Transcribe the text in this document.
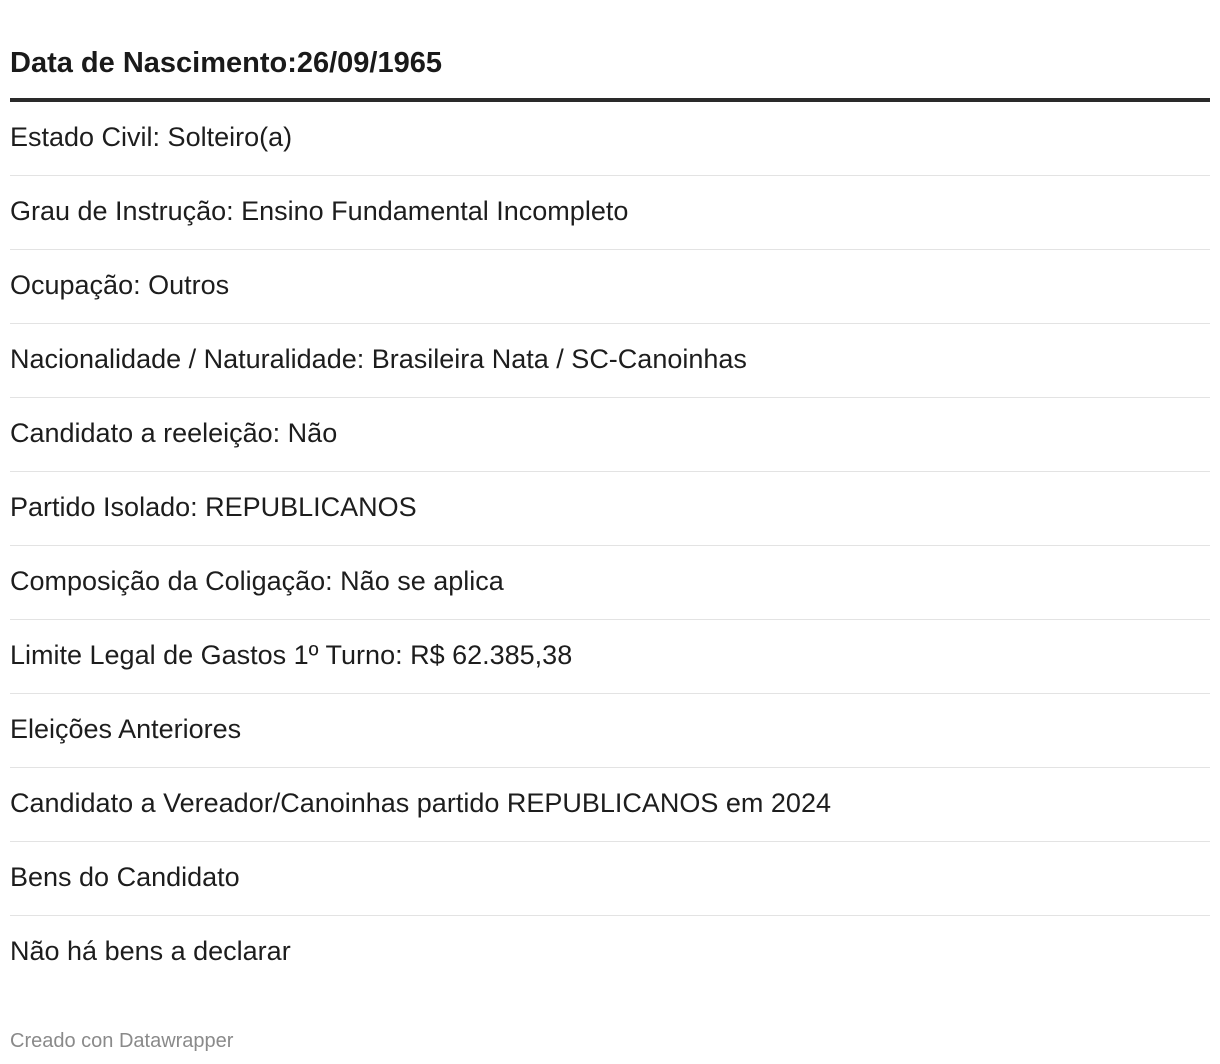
Data de Nascimento:26/09/1965
Estado Civil: Solteiro(a)
Grau de Instrução: Ensino Fundamental Incompleto
Ocupação: Outros
Nacionalidade / Naturalidade: Brasileira Nata / SC-Canoinhas
Candidato a reeleição: Não
Partido Isolado: REPUBLICANOS
Composição da Coligação: Não se aplica
Limite Legal de Gastos 1º Turno: R$ 62.385,38
Eleições Anteriores
Candidato a Vereador/Canoinhas partido REPUBLICANOS em 2024
Bens do Candidato
Não há bens a declarar
Creado con Datawrapper
